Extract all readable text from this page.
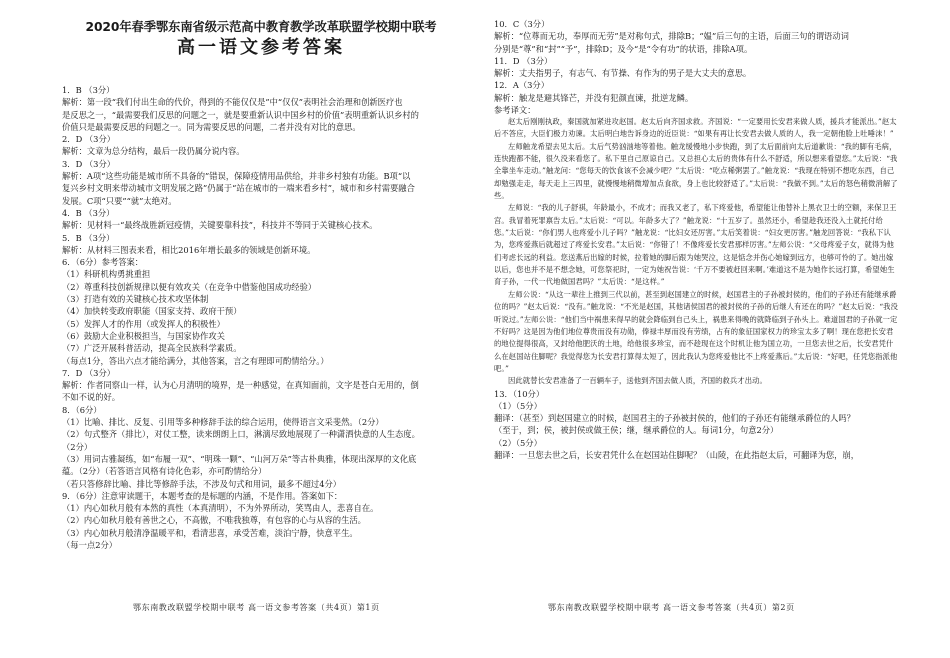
2020年春季鄂东南省级示范高中教育教学改革联盟学校期中联考
高一语文参考答案
1．B （3分）
解析：第一段“我们付出生命的代价，得到的不能仅仅是”中“仅仅”表明社会治理和创新医疗也
是反思之一，“最需要我们反思的问题之一，就是要重新认识中国乡村的价值”表明重新认识乡村的
价值只是最需要反思的问题之一。同为需要反思的问题，二者并没有对比的意思。
2．D （3分）
解析：文章为总分结构，最后一段仍属分说内容。
3．D （3分）
解析：A项“这些功能是城市所不具备的”错误，保障疫情用品供给，并非乡村独有功能。B项“以
复兴乡村文明来带动城市文明发展之路”仍属于“站在城市的一端来看乡村”，城市和乡村需要融合
发展。C项“只要”“就”太绝对。
4．B （3分）
解析：见材料一“最终战胜新冠疫情，关键要靠科技”，科技并不等同于关键核心技术。
5．B （3分）
解析：从材料三图表来看，相比2016年增长最多的领域是创新环境。
6．（6分）参考答案：
（1）科研机构勇挑重担
（2）尊重科技创新规律以便有效攻关（在竞争中借鉴他国成功经验）
（3）打造有效的关键核心技术攻坚体制
（4）加快转变政府职能（国家支持、政府干预）
（5）发挥人才的作用（或发挥人的积极性）
（6）鼓励大企业积极担当，与国家协作攻关
（7）广泛开展科普活动，提高全民族科学素质。
（每点1分，答出六点才能给满分，其他答案，言之有理即可酌情给分。）
7．D （3分）
解析：作者同察山一样，认为心月清明的境界，是一种感觉，在真知面前，文字是苍白无用的，倒
不如不说的好。
8．（6分）
（1）比喻、排比、反复、引用等多种修辞手法的综合运用，使得语言文采斐然。（2分）
（2）句式整齐（排比），对仗工整，读来朗朗上口，淋漓尽致地展现了一种潇洒快意的人生态度。
（2分）
（3）用词古雅凝练，如“布履一双”、“明珠一颗”、“山河万朵”等古朴典雅，体现出深厚的文化底
蕴。（2分）（若答语言风格有诗化色彩，亦可酌情给分）
（若只答修辞比喻、排比等修辞手法，不涉及句式和用词，最多不超过4分）
9．（6分）注意审读题干，本题考查的是标题的内涵，不是作用。答案如下：
（1）内心如秋月般有本然的真性（本真清明），不为外界所动，笑骂由人，悲喜自在。
（2）内心如秋月般有善世之心，不高傲，不唯我独尊，有包容的心与从容的生活。
（3）内心如秋月般清净温暖平和，看清悲喜，承受苦难，淡泊宁静，快意平生。
（每一点2分）
10．C（3分）
解析：“位尊而无功，奉厚而无劳”是对称句式，排除B；“媪”后三句的主语，后面三句的谓语动词
分别是“尊”和“封”“予”，排除D；及今“是“令有功”的状语，排除A项。
11．D （3分）
解析：丈夫指男子，有志气、有节操、有作为的男子是大丈夫的意思。
12．A（3分）
解析：触龙是避其锋芒，并没有犯颜直谏，批逆龙鳞。
参考译文：
赵太后刚刚执政，秦国就加紧进攻赵国。赵太后向齐国求救。齐国说：“一定要用长安君来做人质，援兵才能派出。”赵太后不答应，大臣们极力劝谏。太后明白地告诉身边的近臣说：“如果有再让长安君去做人质的人，我一定朝他脸上吐唾沫！”
左师触龙希望去见太后。太后气势汹汹地等着他。触龙缓慢地小步快跑，到了太后面前向太后道歉说：“我的脚有毛病，连快跑都不能，很久没来看您了。私下里自己原谅自己。又总担心太后的贵体有什么不舒适，所以想来看望您。”太后说：“我全靠坐车走动。”触龙问：“您每天的饮食该不会减少吧？”太后说：“吃点稀粥罢了。”触龙说：“我现在特别不想吃东西，自己却勉强走走，每天走上三四里，就慢慢地稍微增加点食欲，身上也比较舒适了。”太后说：“我做不到。”太后的怒色稍微消解了些。
左师说：“我的儿子舒祺，年龄最小，不成才；而我又老了，私下疼爱他，希望能让他替补上黑衣卫士的空额，来保卫王宫。我冒着死罪禀告太后。”太后说：“可以。年龄多大了？”触龙说：“十五岁了。虽然还小，希望趁我还没入土就托付给您。”太后说：“你们男人也疼爱小儿子吗？”触龙说：“比妇女还厉害。”太后笑着说：“妇女更厉害。”触龙回答说：“我私下认为，您疼爱燕后就超过了疼爱长安君。”太后说：“你错了！不像疼爱长安君那样厉害。”左师公说：“父母疼爱子女，就得为他们考虑长远的利益。您送燕后出嫁的时候，拉着她的脚后跟为她哭泣，这是惦念并伤心她嫁到远方，也够可怜的了。她出嫁以后，您也并不是不想念她，可您祭祀时，一定为她祝告说：‘千万不要被赶回来啊。’难道这不是为她作长远打算，希望她生育子孙，一代一代地做国君吗？”太后说：“是这样。”
左师公说：“从这一辈往上推到三代以前，甚至到赵国建立的时候，赵国君主的子孙被封侯的，他们的子孙还有能继承爵位的吗？”赵太后说：“没有。”触龙说：“不光是赵国，其他诸侯国君的被封侯的子孙的后继人有还在的吗？”赵太后说：“我没听说过。”左师公说：“他们当中祸患来得早的就会降临到自己头上，祸患来得晚的就降临到子孙头上。难道国君的子孙就一定不好吗？这是因为他们地位尊贵而没有功勋，俸禄丰厚而没有劳绩，占有的象征国家权力的珍宝太多了啊！现在您把长安君的地位提得很高，又封给他肥沃的土地，给他很多珍宝，而不趁现在这个时机让他为国立功，一旦您去世之后，长安君凭什么在赵国站住脚呢？我觉得您为长安君打算得太短了，因此我认为您疼爱他比不上疼爱燕后。”太后说：“好吧，任凭您指派他吧。”
因此就替长安君准备了一百辆车子，送他到齐国去做人质，齐国的救兵才出动。
13．（10分）
（1）（5分）
翻译：（甚至）到赵国建立的时候，赵国君主的子孙被封侯的，他们的子孙还有能继承爵位的人吗？
（至于，到；侯，被封侯或做王侯；继，继承爵位的人。每词1分，句意2分）
（2）（5分）
翻译：一旦您去世之后，长安君凭什么在赵国站住脚呢？（山陵，在此指赵太后，可翻译为您，崩，
鄂东南教改联盟学校期中联考 高一语文参考答案（共4页）第1页	鄂东南教改联盟学校期中联考 高一语文参考答案（共4页）第2页
